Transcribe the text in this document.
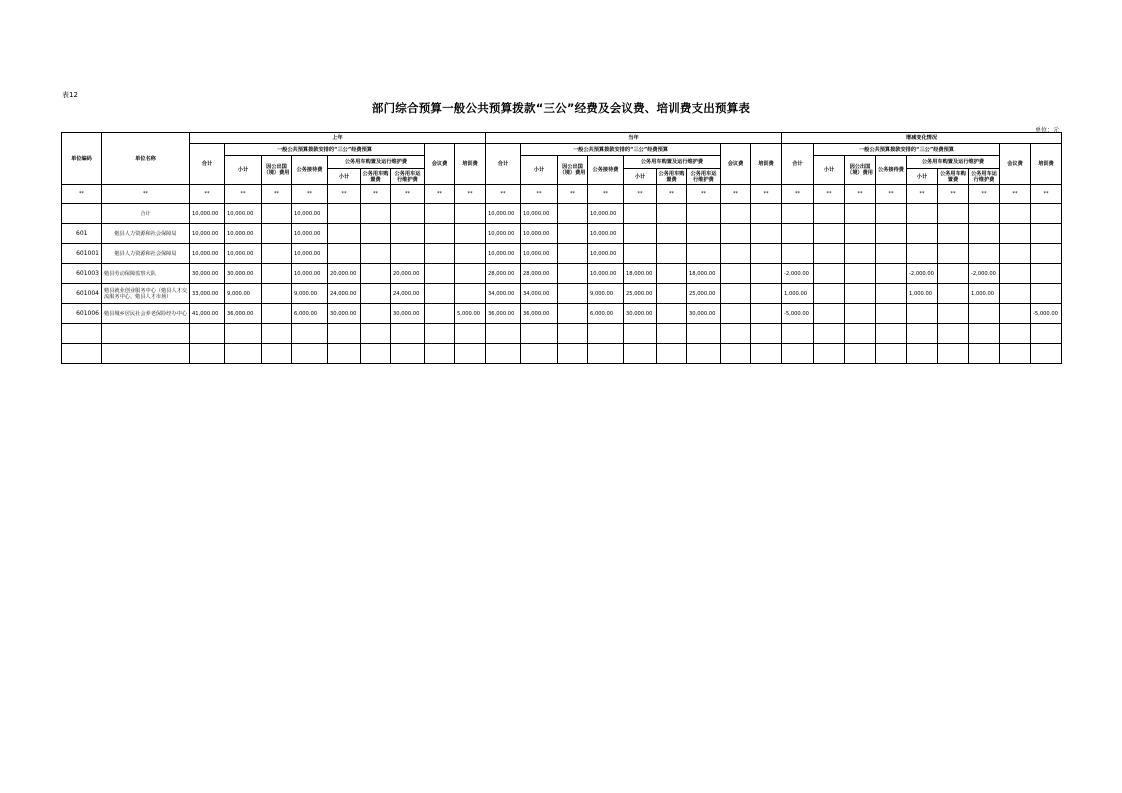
表12
部门综合预算一般公共预算拨款“三公”经费及会议费、培训费支出预算表
单位：元
单位编码	单位名称	上年									当年									增减变化情况								
		合计	一般公共预算拨款安排的“三公”经费预算						会议费	培训费	合计	一般公共预算拨款安排的“三公”经费预算						会议费	培训费	合计	一般公共预算拨款安排的“三公”经费预算						会议费	培训费
			小计	因公出国（境）费用	公务接待费	公务用车购置及运行维护费						小计	因公出国（境）费用	公务接待费	公务用车购置及运行维护费						小计	因公出国（境）费用	公务接待费	公务用车购置及运行维护费				
						小计	公务用车购置费	公务用车运行维护费							小计	公务用车购置费	公务用车运行维护费							小计	公务用车购置费	公务用车运行维护费		
**	**	**	**	**	**	**	**	**	**	**	**	**	**	**	**	**	**	**	**	**	**	**	**	**	**	**	**	**
	合计	10,000.00	10,000.00		10,000.00						10,000.00	10,000.00		10,000.00														
601	勉县人力资源和社会保障局	10,000.00	10,000.00		10,000.00						10,000.00	10,000.00		10,000.00														
601001	勉县人力资源和社会保障局	10,000.00	10,000.00		10,000.00						10,000.00	10,000.00		10,000.00														
601003	勉县劳动保障监察大队	30,000.00	30,000.00		10,000.00	20,000.00		20,000.00			28,000.00	28,000.00		10,000.00	18,000.00		18,000.00			-2,000.00				-2,000.00		-2,000.00		
601004	勉县就业创业服务中心（勉县人才交流服务中心、勉县人才市场）	33,000.00	9,000.00		9,000.00	24,000.00		24,000.00			34,000.00	34,000.00		9,000.00	25,000.00		25,000.00			1,000.00				1,000.00		1,000.00		
601006	勉县城乡居民社会养老保险经办中心	41,000.00	36,000.00		6,000.00	30,000.00		30,000.00		5,000.00	36,000.00	36,000.00		6,000.00	30,000.00		30,000.00			-5,000.00								-5,000.00
